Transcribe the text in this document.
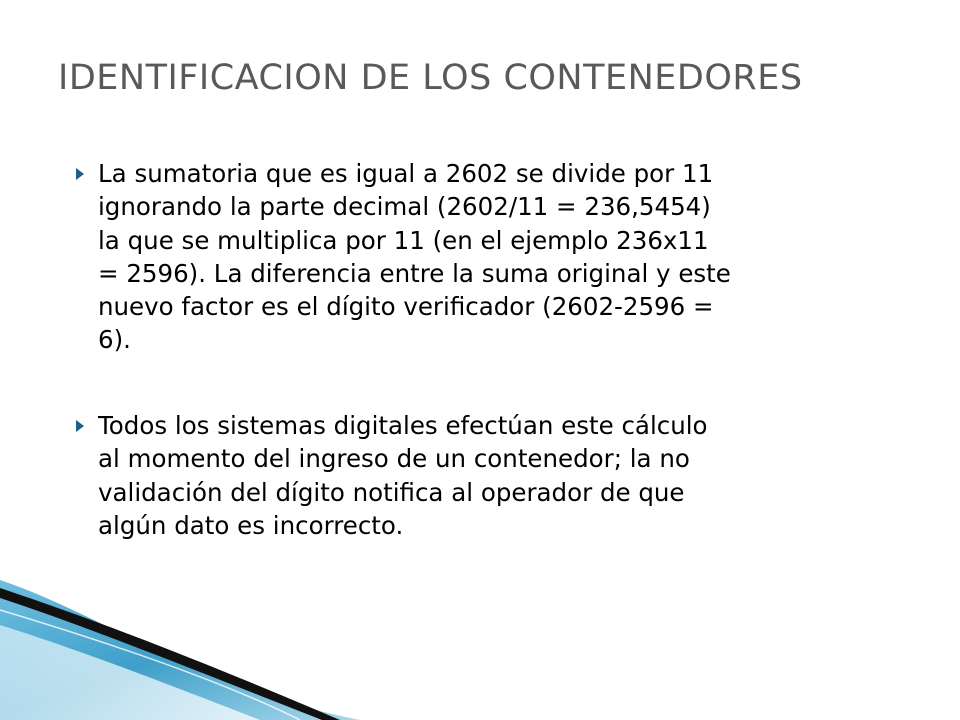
IDENTIFICACION DE LOS CONTENEDORES
La sumatoria que es igual a 2602 se divide por 11
ignorando la parte decimal (2602/11 = 236,5454)
la que se multiplica por 11 (en el ejemplo 236x11
= 2596). La diferencia entre la suma original y este
nuevo factor es el dígito verificador (2602-2596 =
6).
Todos los sistemas digitales efectúan este cálculo
al momento del ingreso de un contenedor; la no
validación del dígito notifica al operador de que
algún dato es incorrecto.
